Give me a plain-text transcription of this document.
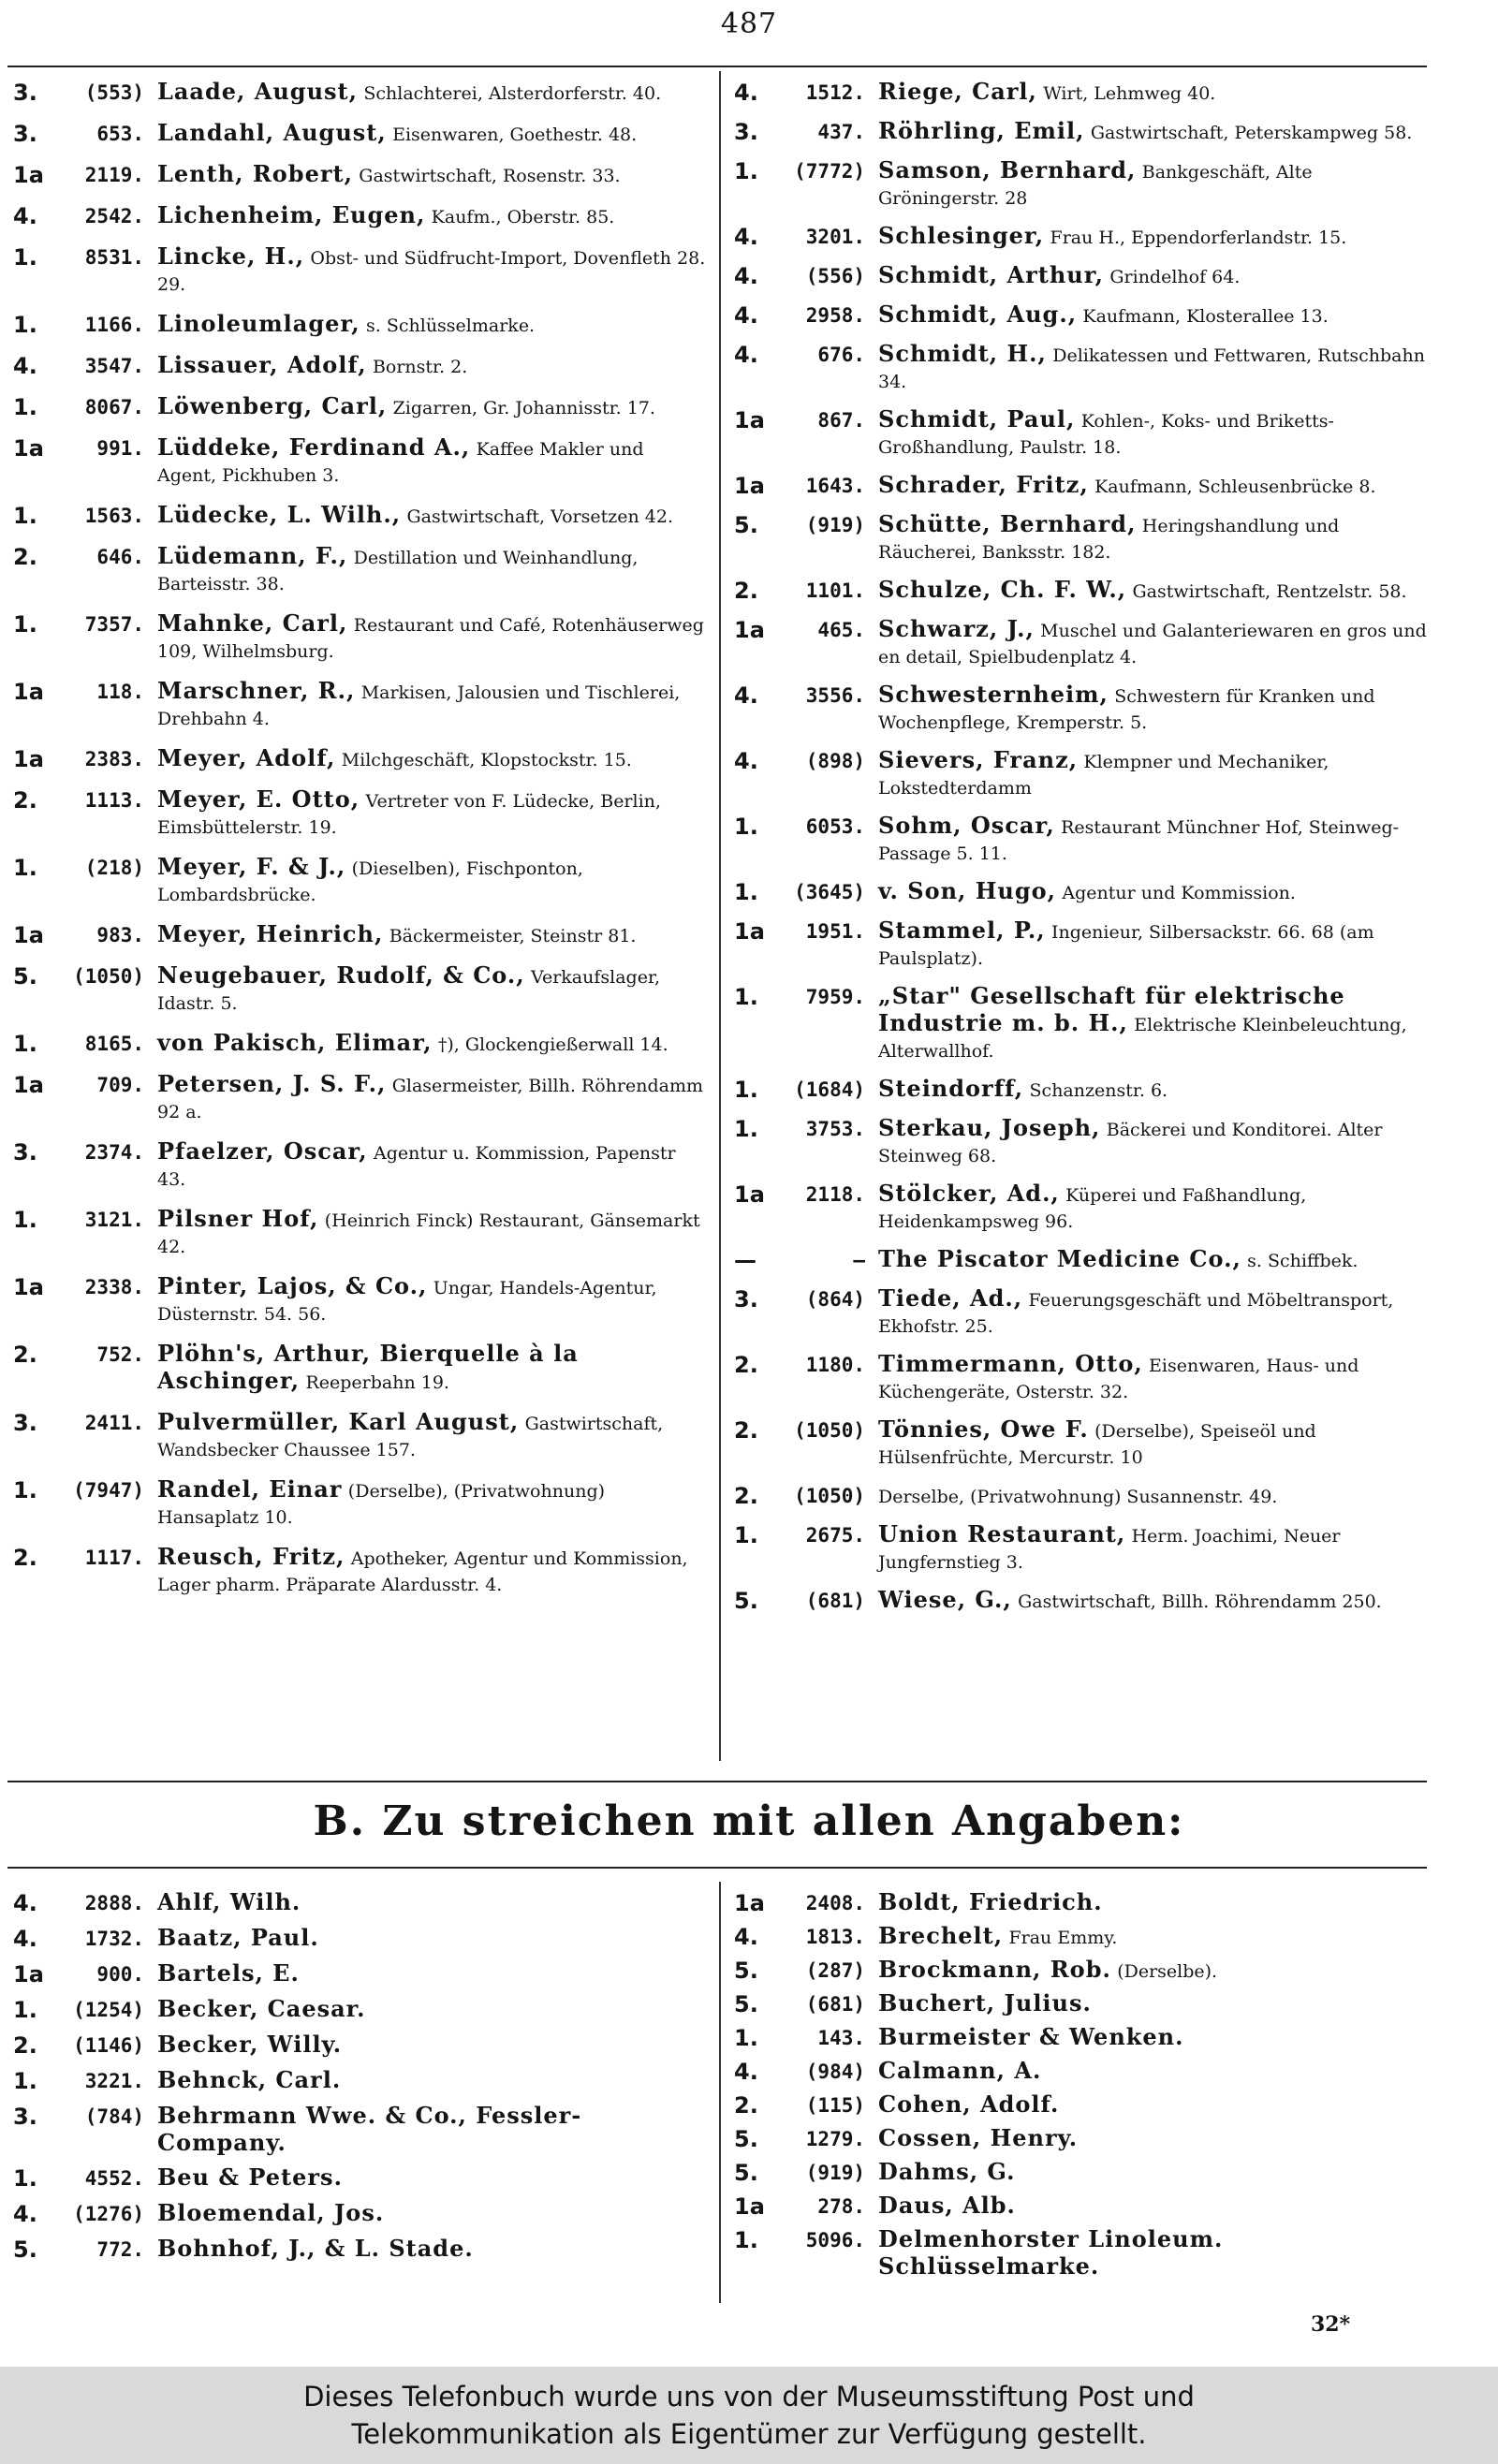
487
3.	(553) Laade, August, Schlachterei, Alsterdorferstr. 40.
3.	653. Landahl, August, Eisenwaren, Goethestr. 48.
1a	2119. Lenth, Robert, Gastwirtschaft, Rosenstr. 33.
4.	2542. Lichenheim, Eugen, Kaufm., Oberstr. 85.
1.	8531. Lincke, H., Obst- und Südfrucht-Import, Dovenfleth 28. 29.
1.	1166. Linoleumlager, s. Schlüsselmarke.
4.	3547. Lissauer, Adolf, Bornstr. 2.
1.	8067. Löwenberg, Carl, Zigarren, Gr. Johannisstr. 17.
1a	991. Lüddeke, Ferdinand A., Kaffee Makler und Agent, Pickhuben 3.
1.	1563. Lüdecke, L. Wilh., Gastwirtschaft, Vorsetzen 42.
2.	646. Lüdemann, F., Destillation und Weinhandlung, Barteisstr. 38.
1.	7357. Mahnke, Carl, Restaurant und Café, Rotenhäuserweg 109, Wilhelmsburg.
1a	118. Marschner, R., Markisen, Jalousien und Tischlerei, Drehbahn 4.
1a	2383. Meyer, Adolf, Milchgeschäft, Klopstockstr. 15.
2.	1113. Meyer, E. Otto, Vertreter von F. Lüdecke, Berlin, Eimsbüttelerstr. 19.
1.	(218) Meyer, F. & J., (Dieselben), Fischponton, Lombardsbrücke.
1a	983. Meyer, Heinrich, Bäckermeister, Steinstr 81.
5.	(1050) Neugebauer, Rudolf, & Co., Verkaufslager, Idastr. 5.
1.	8165. von Pakisch, Elimar, †), Glockengießerwall 14.
1a	709. Petersen, J. S. F., Glasermeister, Billh. Röhrendamm 92 a.
3.	2374. Pfaelzer, Oscar, Agentur u. Kommission, Papenstr 43.
1.	3121. Pilsner Hof, (Heinrich Finck) Restaurant, Gänsemarkt 42.
1a	2338. Pinter, Lajos, & Co., Ungar, Handels-Agentur, Düsternstr. 54. 56.
2.	752. Plöhn's, Arthur, Bierquelle à la Aschinger, Reeperbahn 19.
3.	2411. Pulvermüller, Karl August, Gastwirtschaft, Wandsbecker Chaussee 157.
1.	(7947) Randel, Einar (Derselbe), (Privatwohnung) Hansaplatz 10.
2.	1117. Reusch, Fritz, Apotheker, Agentur und Kommission, Lager pharm. Präparate Alardusstr. 4.
4.	1512. Riege, Carl, Wirt, Lehmweg 40.
3.	437. Röhrling, Emil, Gastwirtschaft, Peterskampweg 58.
1.	(7772) Samson, Bernhard, Bankgeschäft, Alte Gröningerstr. 28
4.	3201. Schlesinger, Frau H., Eppendorferlandstr. 15.
4.	(556) Schmidt, Arthur, Grindelhof 64.
4.	2958. Schmidt, Aug., Kaufmann, Klosterallee 13.
4.	676. Schmidt, H., Delikatessen und Fettwaren, Rutschbahn 34.
1a	867. Schmidt, Paul, Kohlen-, Koks- und Briketts-Großhandlung, Paulstr. 18.
1a	1643. Schrader, Fritz, Kaufmann, Schleusenbrücke 8.
5.	(919) Schütte, Bernhard, Heringshandlung und Räucherei, Banksstr. 182.
2.	1101. Schulze, Ch. F. W., Gastwirtschaft, Rentzelstr. 58.
1a	465. Schwarz, J., Muschel und Galanteriewaren en gros und en detail, Spielbudenplatz 4.
4.	3556. Schwesternheim, Schwestern für Kranken und Wochenpflege, Kremperstr. 5.
4.	(898) Sievers, Franz, Klempner und Mechaniker, Lokstedterdamm
1.	6053. Sohm, Oscar, Restaurant Münchner Hof, Steinweg-Passage 5. 11.
1.	(3645) v. Son, Hugo, Agentur und Kommission.
1a	1951. Stammel, P., Ingenieur, Silbersackstr. 66. 68 (am Paulsplatz).
1.	7959. „Star" Gesellschaft für elektrische Industrie m. b. H., Elektrische Kleinbeleuchtung, Alterwallhof.
1.	(1684) Steindorff, Schanzenstr. 6.
1.	3753. Sterkau, Joseph, Bäckerei und Konditorei. Alter Steinweg 68.
1a	2118. Stölcker, Ad., Küperei und Faßhandlung, Heidenkampsweg 96.
—	— The Piscator Medicine Co., s. Schiffbek.
3.	(864) Tiede, Ad., Feuerungsgeschäft und Möbeltransport, Ekhofstr. 25.
2.	1180. Timmermann, Otto, Eisenwaren, Haus- und Küchengeräte, Osterstr. 32.
2.	(1050) Tönnies, Owe F. (Derselbe), Speiseöl und Hülsenfrüchte, Mercurstr. 10
2.	(1050) Derselbe, (Privatwohnung) Susannenstr. 49.
1.	2675. Union Restaurant, Herm. Joachimi, Neuer Jungfernstieg 3.
5.	(681) Wiese, G., Gastwirtschaft, Billh. Röhrendamm 250.
B. Zu streichen mit allen Angaben:
4.	2888. Ahlf, Wilh.
4.	1732. Baatz, Paul.
1a	900. Bartels, E.
1.	(1254) Becker, Caesar.
2.	(1146) Becker, Willy.
1.	3221. Behnck, Carl.
3.	(784) Behrmann Wwe. & Co., Fessler-Company.
1.	4552. Beu & Peters.
4.	(1276) Bloemendal, Jos.
5.	772. Bohnhof, J., & L. Stade.
1a	2408. Boldt, Friedrich.
4.	1813. Brechelt, Frau Emmy.
5.	(287) Brockmann, Rob. (Derselbe).
5.	(681) Buchert, Julius.
1.	143. Burmeister & Wenken.
4.	(984) Calmann, A.
2.	(115) Cohen, Adolf.
5.	1279. Cossen, Henry.
5.	(919) Dahms, G.
1a	278. Daus, Alb.
1.	5096. Delmenhorster Linoleum. Schlüsselmarke.
32*
Dieses Telefonbuch wurde uns von der Museumsstiftung Post und
Telekommunikation als Eigentümer zur Verfügung gestellt.
